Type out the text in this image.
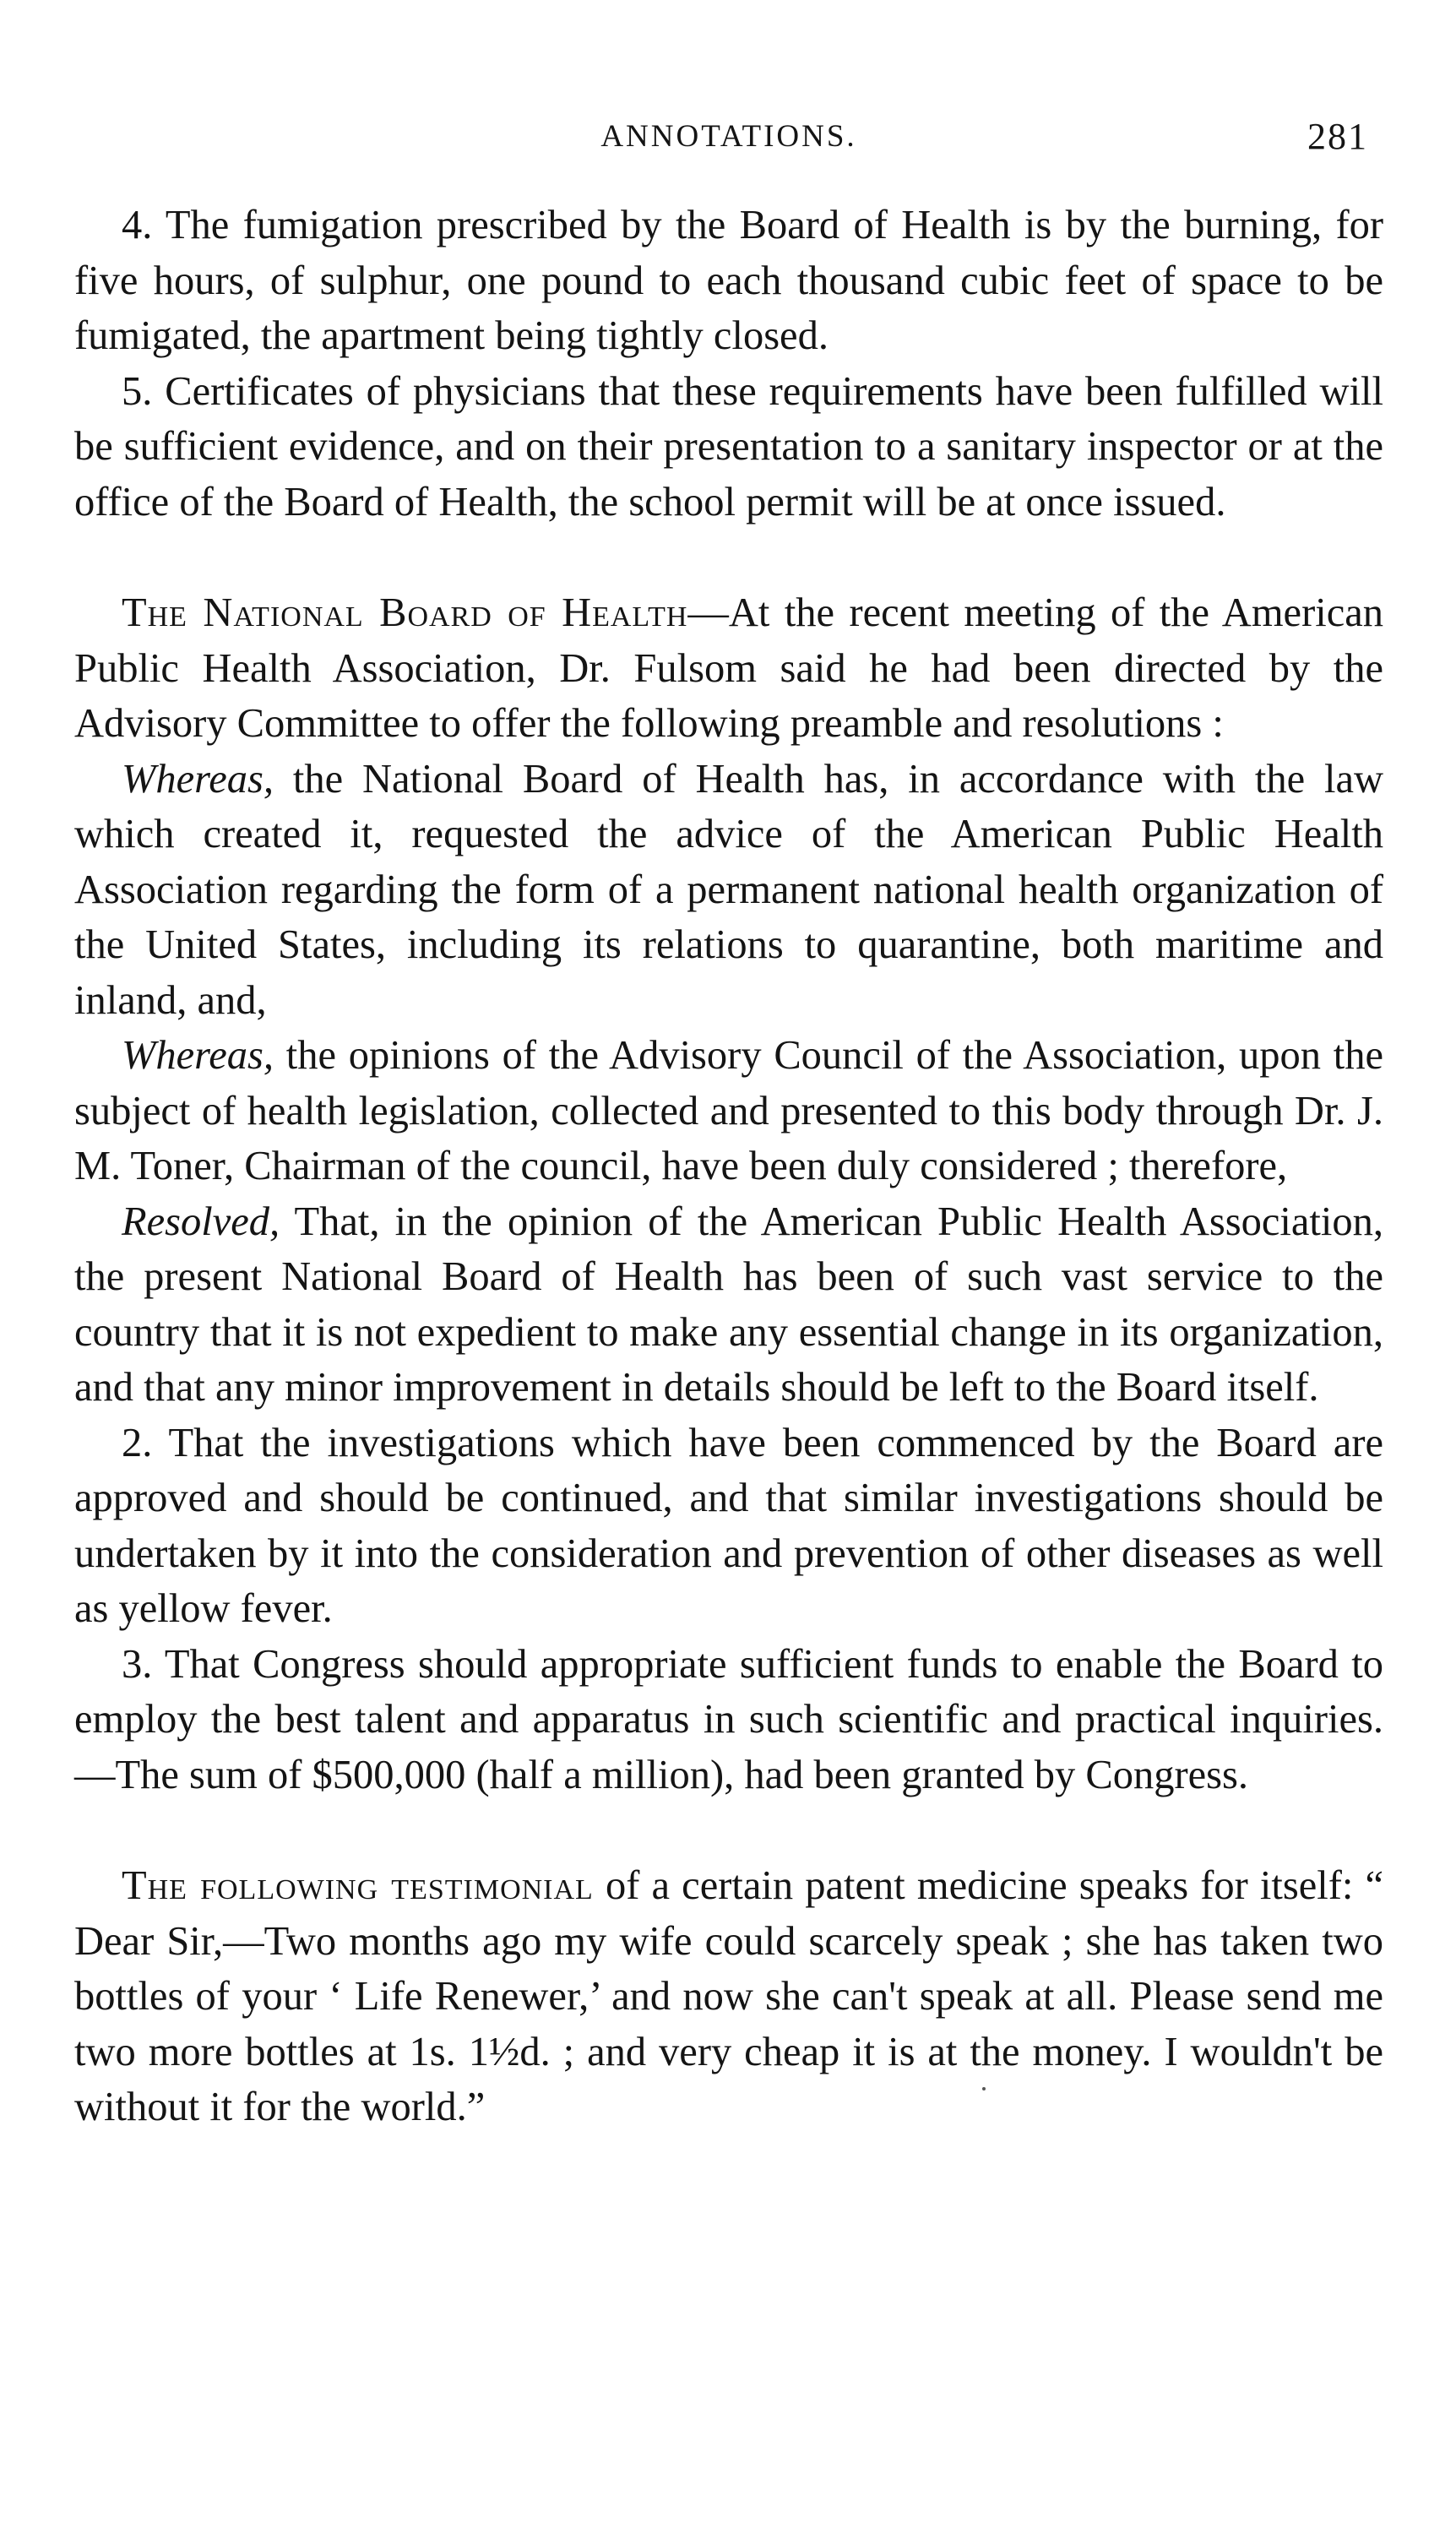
ANNOTATIONS.	281

4. The fumigation prescribed by the Board of Health is by the burning, for five hours, of sulphur, one pound to each thousand cubic feet of space to be fumigated, the apartment being tightly closed.

5. Certificates of physicians that these requirements have been fulfilled will be sufficient evidence, and on their presentation to a sanitary inspector or at the office of the Board of Health, the school permit will be at once issued.

The National Board of Health—At the recent meeting of the American Public Health Association, Dr. Fulsom said he had been directed by the Advisory Committee to offer the following preamble and resolutions :

Whereas, the National Board of Health has, in accordance with the law which created it, requested the advice of the American Public Health Association regarding the form of a permanent national health organization of the United States, including its relations to quarantine, both maritime and inland, and,

Whereas, the opinions of the Advisory Council of the Association, upon the subject of health legislation, collected and presented to this body through Dr. J. M. Toner, Chairman of the council, have been duly considered ; therefore,

Resolved, That, in the opinion of the American Public Health Association, the present National Board of Health has been of such vast service to the country that it is not expedient to make any essential change in its organization, and that any minor improvement in details should be left to the Board itself.

2. That the investigations which have been commenced by the Board are approved and should be continued, and that similar investigations should be undertaken by it into the consideration and prevention of other diseases as well as yellow fever.

3. That Congress should appropriate sufficient funds to enable the Board to employ the best talent and apparatus in such scientific and practical inquiries.—The sum of $500,000 (half a million), had been granted by Congress.

The following testimonial of a certain patent medicine speaks for itself: “ Dear Sir,—Two months ago my wife could scarcely speak ; she has taken two bottles of your ‘ Life Renewer,’ and now she can't speak at all. Please send me two more bottles at 1s. 1½d. ; and very cheap it is at the money. I wouldn't be without it for the world.”
